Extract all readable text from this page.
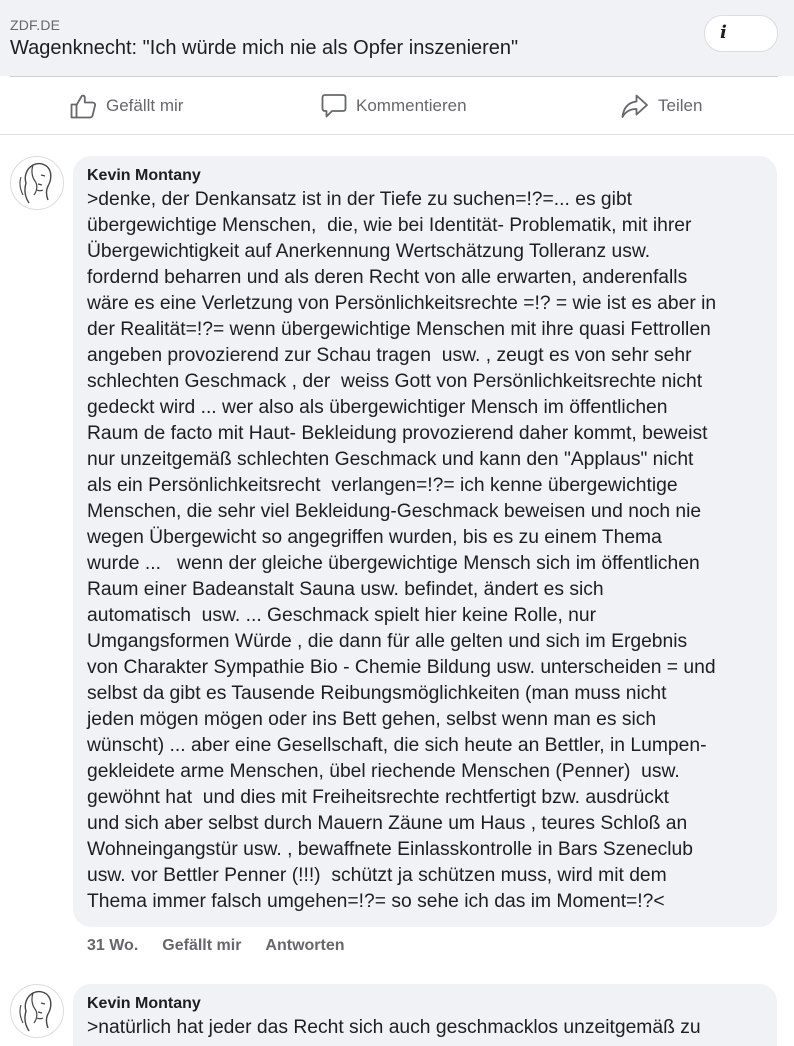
ZDF.DE
Wagenknecht: "Ich würde mich nie als Opfer inszenieren"
i
Gefällt mir	Kommentieren	Teilen
Kevin Montany
>denke, der Denkansatz ist in der Tiefe zu suchen=!?=... es gibt
übergewichtige Menschen,  die, wie bei Identität- Problematik, mit ihrer
Übergewichtigkeit auf Anerkennung Wertschätzung Tolleranz usw.
fordernd beharren und als deren Recht von alle erwarten, anderenfalls
wäre es eine Verletzung von Persönlichkeitsrechte =!? = wie ist es aber in
der Realität=!?= wenn übergewichtige Menschen mit ihre quasi Fettrollen
angeben provozierend zur Schau tragen  usw. , zeugt es von sehr sehr
schlechten Geschmack , der  weiss Gott von Persönlichkeitsrechte nicht
gedeckt wird ... wer also als übergewichtiger Mensch im öffentlichen
Raum de facto mit Haut- Bekleidung provozierend daher kommt, beweist
nur unzeitgemäß schlechten Geschmack und kann den "Applaus" nicht
als ein Persönlichkeitsrecht  verlangen=!?= ich kenne übergewichtige
Menschen, die sehr viel Bekleidung-Geschmack beweisen und noch nie
wegen Übergewicht so angegriffen wurden, bis es zu einem Thema
wurde ...   wenn der gleiche übergewichtige Mensch sich im öffentlichen
Raum einer Badeanstalt Sauna usw. befindet, ändert es sich
automatisch  usw. ... Geschmack spielt hier keine Rolle, nur
Umgangsformen Würde , die dann für alle gelten und sich im Ergebnis
von Charakter Sympathie Bio - Chemie Bildung usw. unterscheiden = und
selbst da gibt es Tausende Reibungsmöglichkeiten (man muss nicht
jeden mögen mögen oder ins Bett gehen, selbst wenn man es sich
wünscht) ... aber eine Gesellschaft, die sich heute an Bettler, in Lumpen-
gekleidete arme Menschen, übel riechende Menschen (Penner)  usw.
gewöhnt hat  und dies mit Freiheitsrechte rechtfertigt bzw. ausdrückt
und sich aber selbst durch Mauern Zäune um Haus , teures Schloß an
Wohneingangstür usw. , bewaffnete Einlasskontrolle in Bars Szeneclub
usw. vor Bettler Penner (!!!)  schützt ja schützen muss, wird mit dem
Thema immer falsch umgehen=!?= so sehe ich das im Moment=!?<
31 Wo. Gefällt mir Antworten
Kevin Montany
>natürlich hat jeder das Recht sich auch geschmacklos unzeitgemäß zu
